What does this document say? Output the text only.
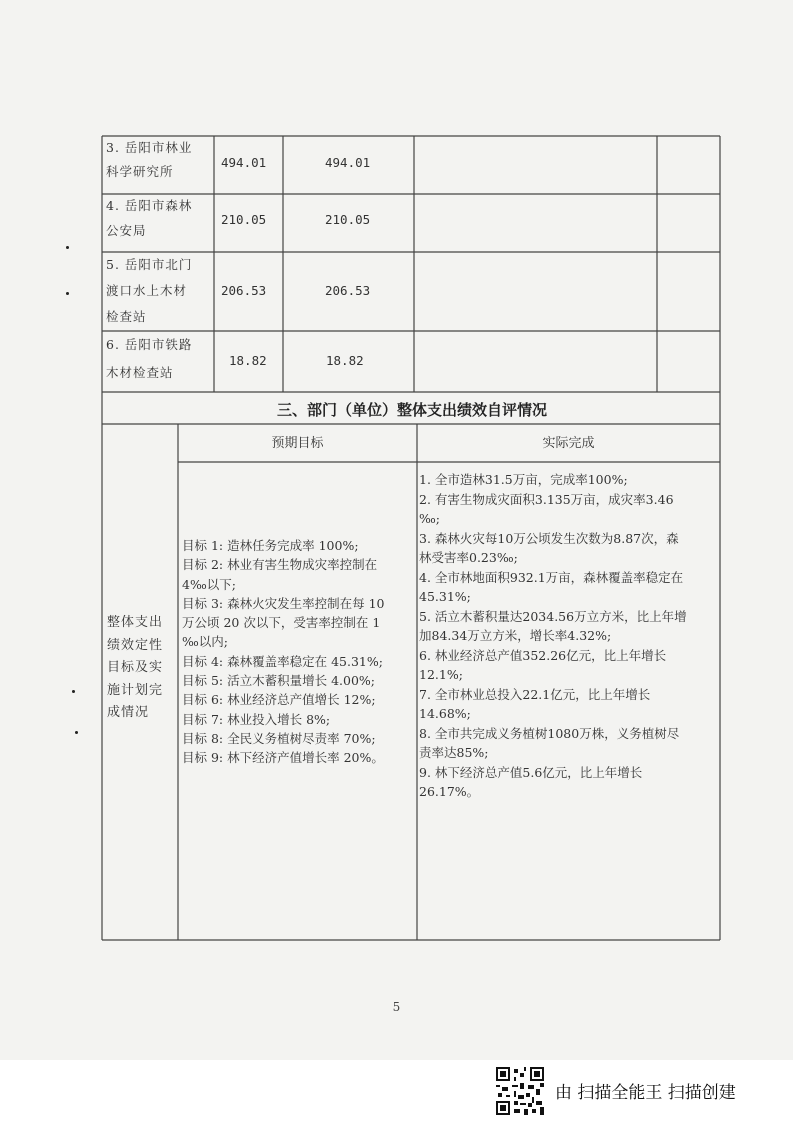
3. 岳阳市林业
科学研究所
494.01	494.01
4. 岳阳市森林
公安局
210.05	210.05
5. 岳阳市北门
渡口水上木材
检查站
206.53	206.53
6. 岳阳市铁路
木材检查站
18.82	18.82
三、部门（单位）整体支出绩效自评情况
预期目标	实际完成
整体支出
绩效定性
目标及实
施计划完
成情况
目标 1: 造林任务完成率 100%;
目标 2: 林业有害生物成灾率控制在
4‰以下;
目标 3: 森林火灾发生率控制在每 10
万公顷 20 次以下，受害率控制在 1
‰以内;
目标 4: 森林覆盖率稳定在 45.31%;
目标 5: 活立木蓄积量增长 4.00%;
目标 6: 林业经济总产值增长 12%;
目标 7: 林业投入增长 8%;
目标 8: 全民义务植树尽责率 70%;
目标 9: 林下经济产值增长率 20%。
1. 全市造林31.5万亩，完成率100%;
2. 有害生物成灾面积3.135万亩，成灾率3.46
‰;
3. 森林火灾每10万公顷发生次数为8.87次，森
林受害率0.23‰;
4. 全市林地面积932.1万亩，森林覆盖率稳定在
45.31%;
5. 活立木蓄积量达2034.56万立方米，比上年增
加84.34万立方米，增长率4.32%;
6. 林业经济总产值352.26亿元，比上年增长
12.1%;
7. 全市林业总投入22.1亿元，比上年增长
14.68%;
8. 全市共完成义务植树1080万株，义务植树尽
责率达85%;
9. 林下经济总产值5.6亿元，比上年增长
26.17%。
5
由 扫描全能王 扫描创建
